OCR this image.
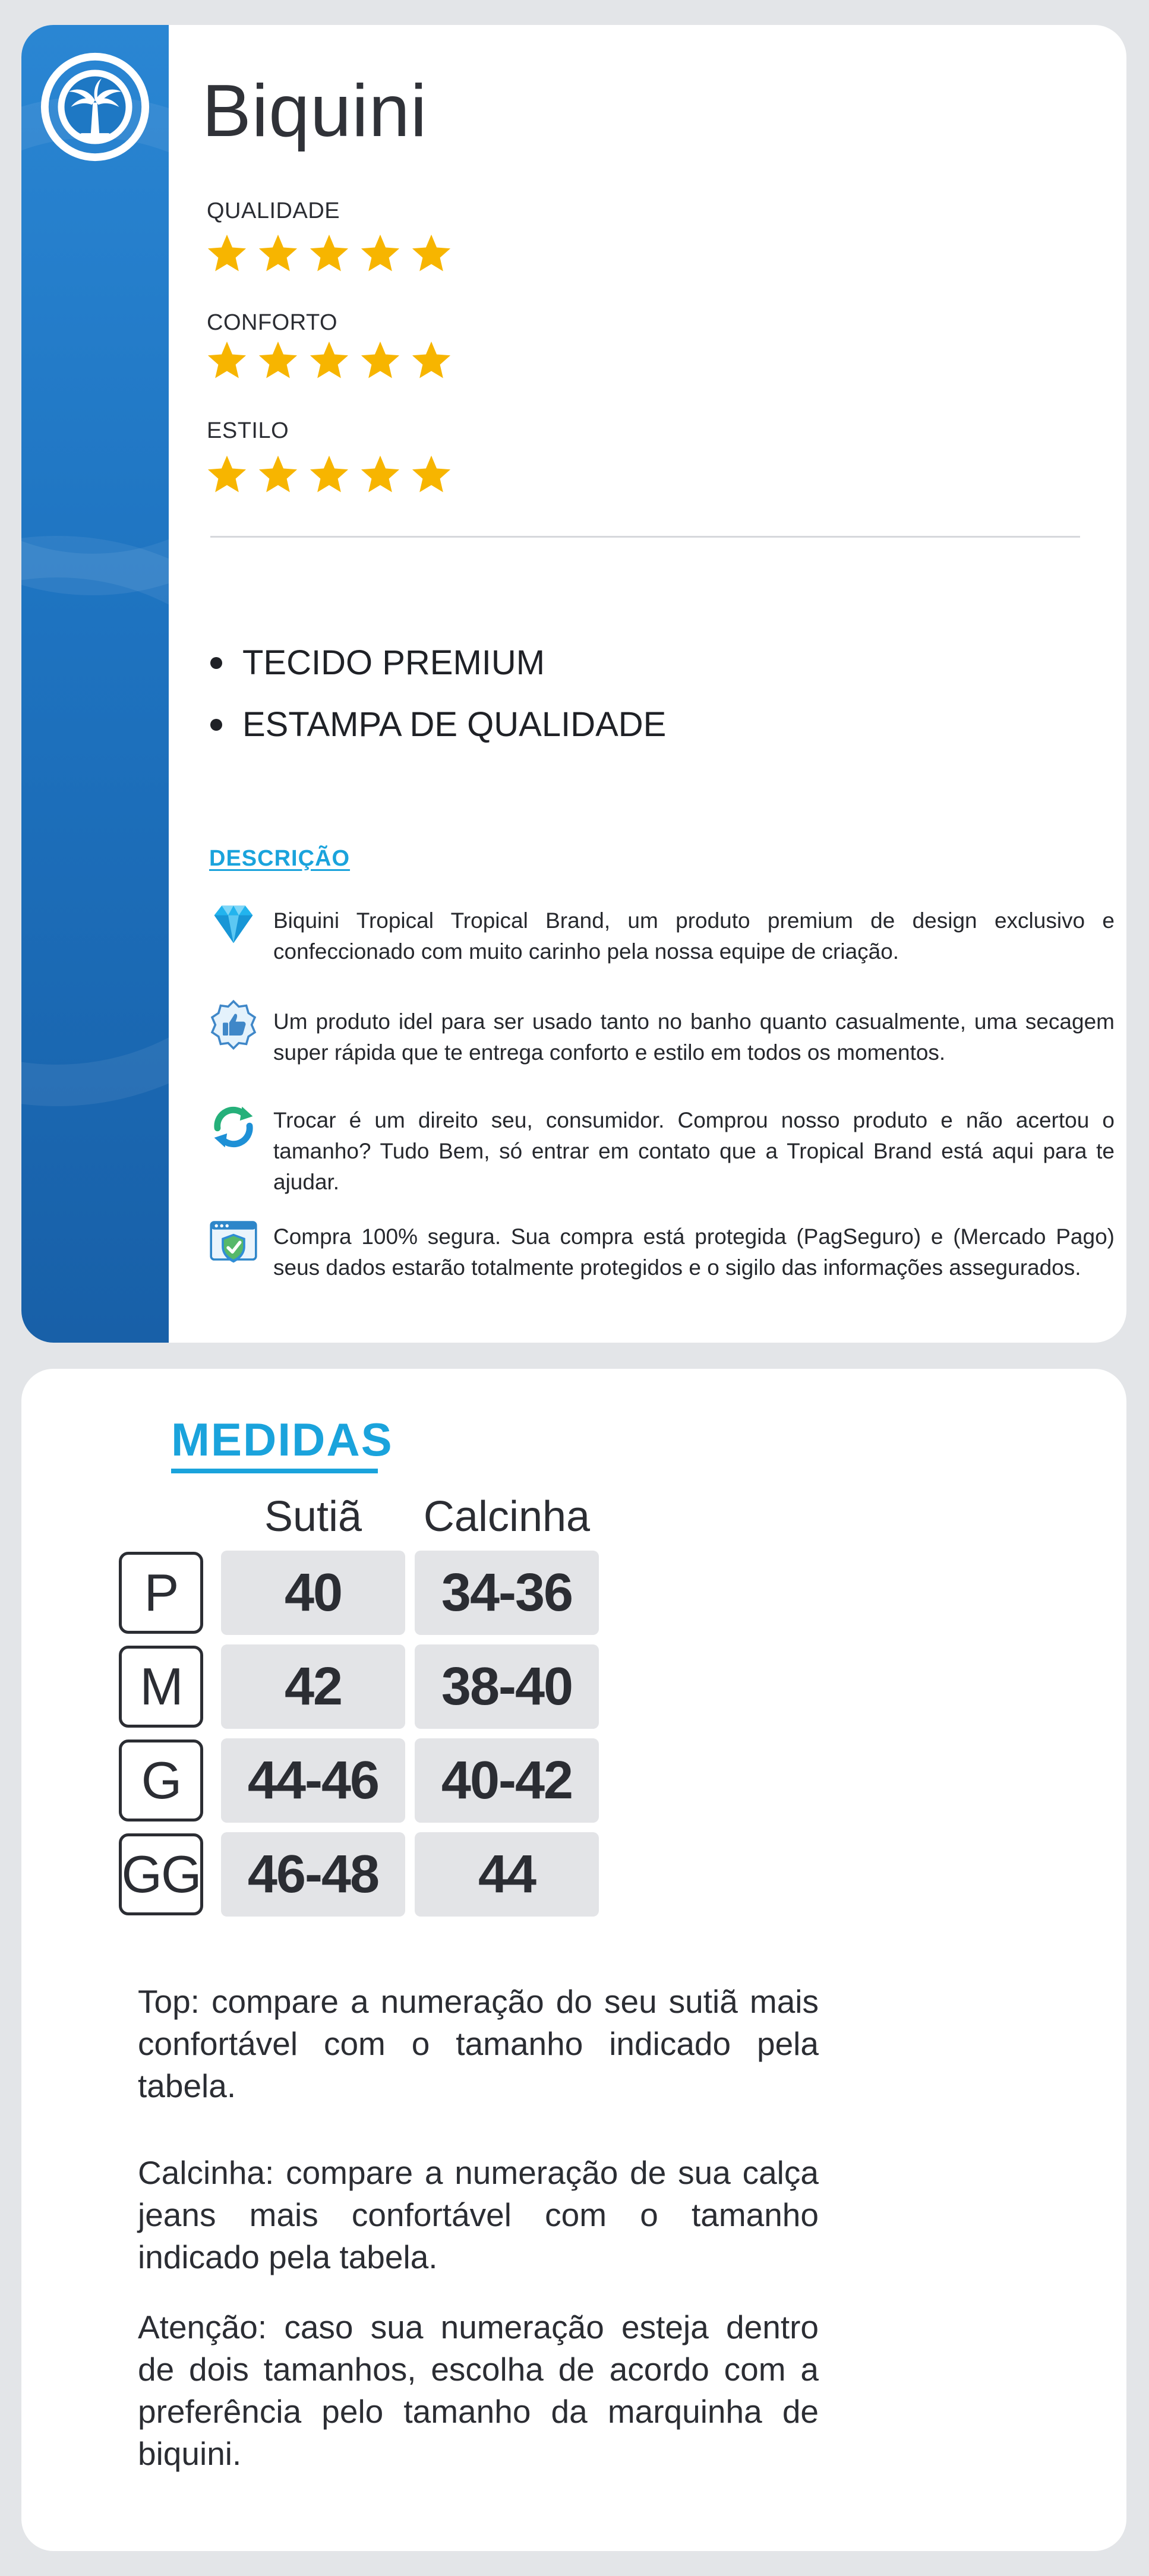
Biquini
QUALIDADE
CONFORTO
ESTILO
TECIDO PREMIUM
ESTAMPA DE QUALIDADE
DESCRIÇÃO

Biquini Tropical Tropical Brand, um produto premium de design exclusivo e confeccionado com muito carinho pela nossa equipe de criação.

Um produto idel para ser usado tanto no banho quanto casualmente, uma secagem super rápida que te entrega conforto e estilo em todos os momentos.

Trocar é um direito seu, consumidor. Comprou nosso produto e não acertou o tamanho? Tudo Bem, só entrar em contato que a Tropical Brand está aqui para te ajudar.

Compra 100% segura. Sua compra está protegida (PagSeguro) e (Mercado Pago) seus dados estarão totalmente protegidos e o sigilo das informações assegurados.

MEDIDAS
Sutiã	Calcinha
P	40	34-36
M	42	38-40
G	44-46	40-42
GG 46-48	44

Top: compare a numeração do seu sutiã mais confortável com o tamanho indicado pela tabela.

Calcinha: compare a numeração de sua calça jeans mais confortável com o tamanho indicado pela tabela.

Atenção: caso sua numeração esteja dentro de dois tamanhos, escolha de acordo com a preferência pelo tamanho da marquinha de biquini.
